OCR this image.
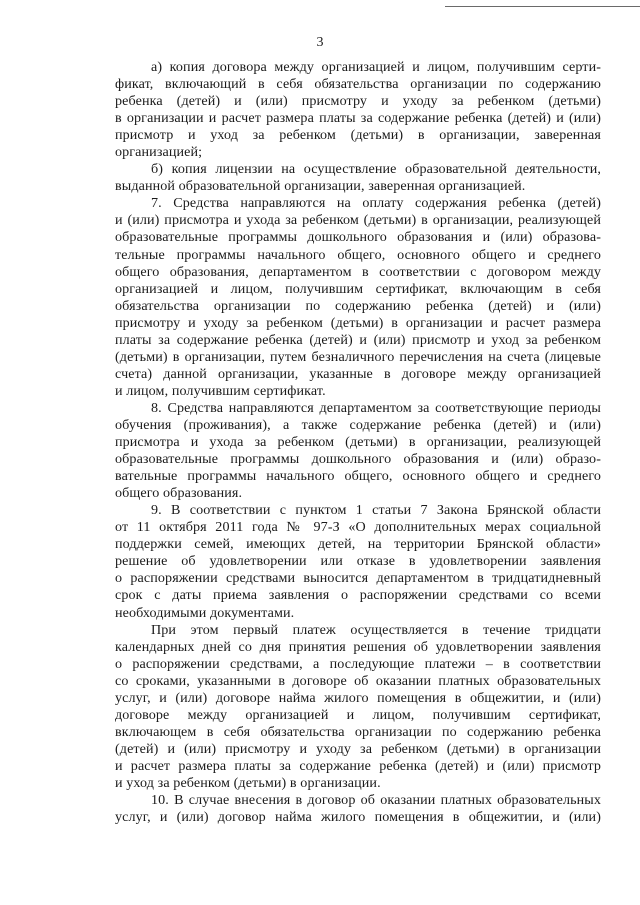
3
а) копия договора между организацией и лицом, получившим серти-
фикат, включающий в себя обязательства организации по содержанию
ребенка (детей) и (или) присмотру и уходу за ребенком (детьми)
в организации и расчет размера платы за содержание ребенка (детей) и (или)
присмотр и уход за ребенком (детьми) в организации, заверенная
организацией;
б) копия лицензии на осуществление образовательной деятельности,
выданной образовательной организации, заверенная организацией.
7. Средства направляются на оплату содержания ребенка (детей)
и (или) присмотра и ухода за ребенком (детьми) в организации, реализующей
образовательные программы дошкольного образования и (или) образова-
тельные программы начального общего, основного общего и среднего
общего образования, департаментом в соответствии с договором между
организацией и лицом, получившим сертификат, включающим в себя
обязательства организации по содержанию ребенка (детей) и (или)
присмотру и уходу за ребенком (детьми) в организации и расчет размера
платы за содержание ребенка (детей) и (или) присмотр и уход за ребенком
(детьми) в организации, путем безналичного перечисления на счета (лицевые
счета) данной организации, указанные в договоре между организацией
и лицом, получившим сертификат.
8. Средства направляются департаментом за соответствующие периоды
обучения (проживания), а также содержание ребенка (детей) и (или)
присмотра и ухода за ребенком (детьми) в организации, реализующей
образовательные программы дошкольного образования и (или) образо-
вательные программы начального общего, основного общего и среднего
общего образования.
9. В соответствии с пунктом 1 статьи 7 Закона Брянской области
от 11 октября 2011 года № 97-З «О дополнительных мерах социальной
поддержки семей, имеющих детей, на территории Брянской области»
решение об удовлетворении или отказе в удовлетворении заявления
о распоряжении средствами выносится департаментом в тридцатидневный
срок с даты приема заявления о распоряжении средствами со всеми
необходимыми документами.
При этом первый платеж осуществляется в течение тридцати
календарных дней со дня принятия решения об удовлетворении заявления
о распоряжении средствами, а последующие платежи – в соответствии
со сроками, указанными в договоре об оказании платных образовательных
услуг, и (или) договоре найма жилого помещения в общежитии, и (или)
договоре между организацией и лицом, получившим сертификат,
включающем в себя обязательства организации по содержанию ребенка
(детей) и (или) присмотру и уходу за ребенком (детьми) в организации
и расчет размера платы за содержание ребенка (детей) и (или) присмотр
и уход за ребенком (детьми) в организации.
10. В случае внесения в договор об оказании платных образовательных
услуг, и (или) договор найма жилого помещения в общежитии, и (или)
